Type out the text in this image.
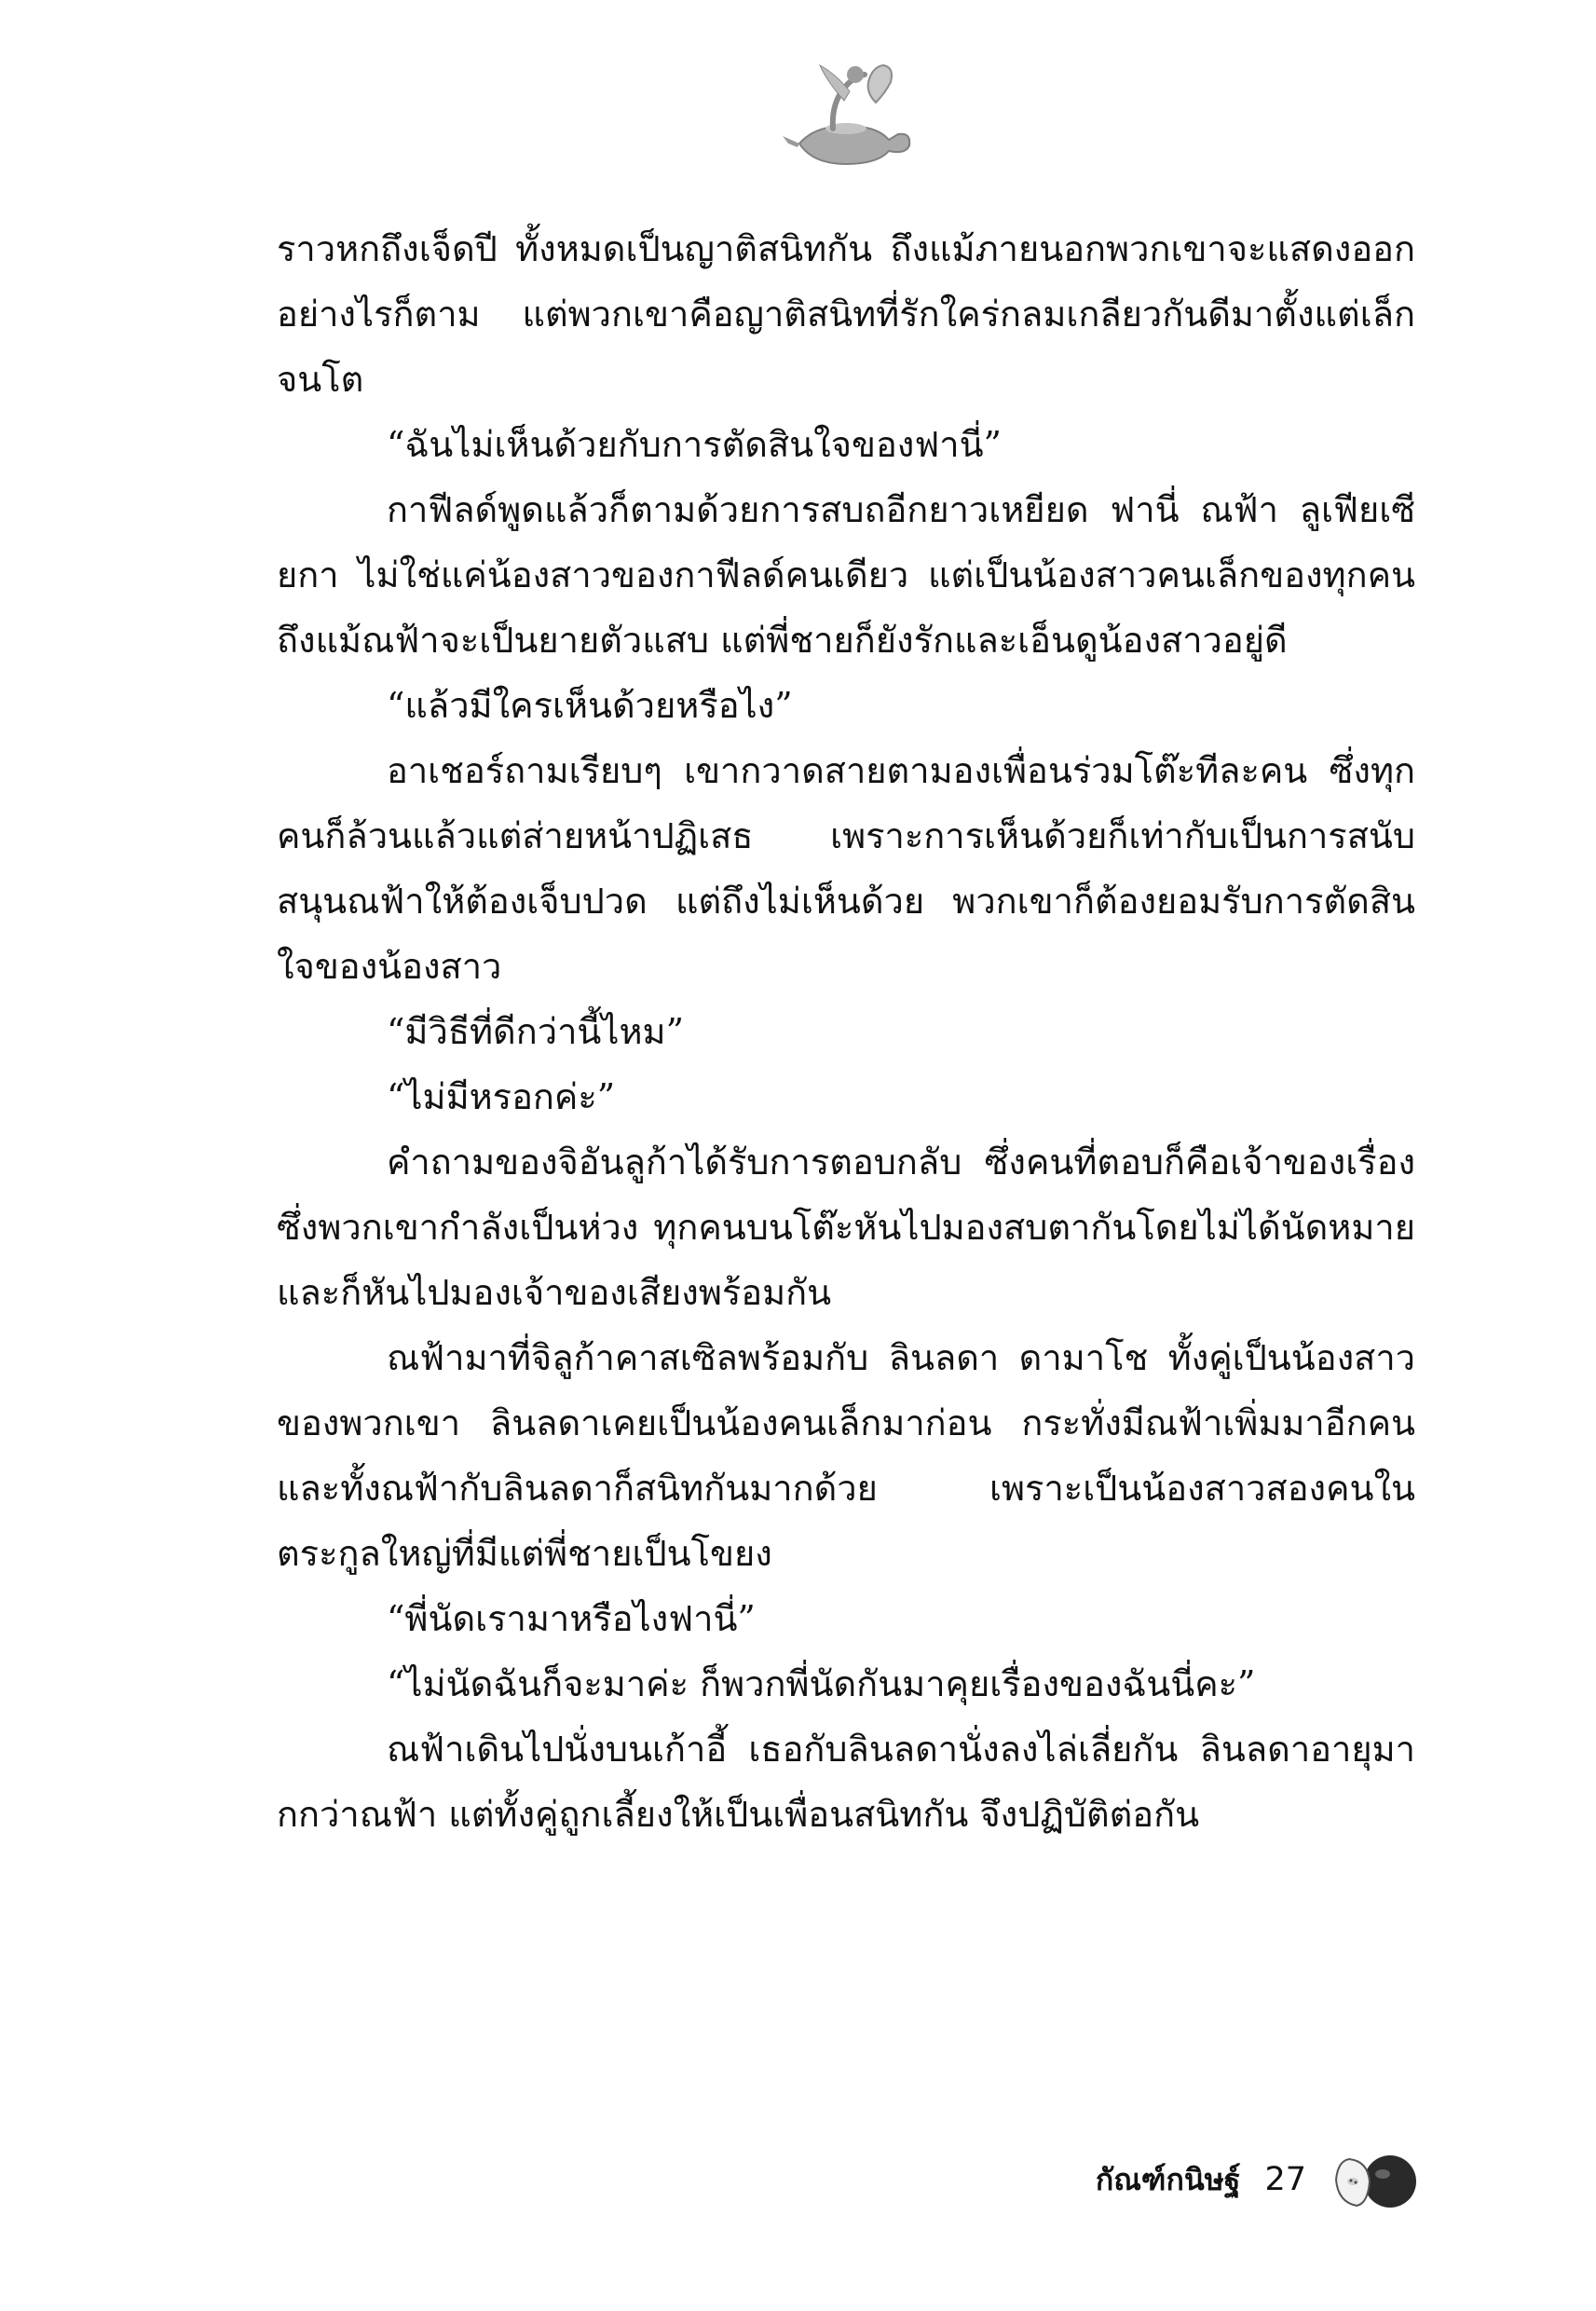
ราวหกถึงเจ็ดปี ทั้งหมดเป็นญาติสนิทกัน ถึงแม้ภายนอกพวกเขาจะแสดงออกอย่างไรก็ตาม แต่พวกเขาคือญาติสนิทที่รักใคร่กลมเกลียวกันดีมาตั้งแต่เล็กจนโต

“ฉันไม่เห็นด้วยกับการตัดสินใจของฟานี่”

กาฟีลด์พูดแล้วก็ตามด้วยการสบถอีกยาวเหยียด ฟานี่ ณฟ้า ลูเฟียเซียกา ไม่ใช่แค่น้องสาวของกาฟีลด์คนเดียว แต่เป็นน้องสาวคนเล็กของทุกคน ถึงแม้ณฟ้าจะเป็นยายตัวแสบ แต่พี่ชายก็ยังรักและเอ็นดูน้องสาวอยู่ดี

“แล้วมีใครเห็นด้วยหรือไง”

อาเชอร์ถามเรียบๆ เขากวาดสายตามองเพื่อนร่วมโต๊ะทีละคน ซึ่งทุกคนก็ล้วนแล้วแต่ส่ายหน้าปฏิเสธ เพราะการเห็นด้วยก็เท่ากับเป็นการสนับสนุนณฟ้าให้ต้องเจ็บปวด แต่ถึงไม่เห็นด้วย พวกเขาก็ต้องยอมรับการตัดสินใจของน้องสาว

“มีวิธีที่ดีกว่านี้ไหม”

“ไม่มีหรอกค่ะ”

คำถามของจิอันลูก้าได้รับการตอบกลับ ซึ่งคนที่ตอบก็คือเจ้าของเรื่องซึ่งพวกเขากำลังเป็นห่วง ทุกคนบนโต๊ะหันไปมองสบตากันโดยไม่ได้นัดหมาย และก็หันไปมองเจ้าของเสียงพร้อมกัน

ณฟ้ามาที่จิลูก้าคาสเซิลพร้อมกับ ลินลดา ดามาโช ทั้งคู่เป็นน้องสาวของพวกเขา ลินลดาเคยเป็นน้องคนเล็กมาก่อน กระทั่งมีณฟ้าเพิ่มมาอีกคน และทั้งณฟ้ากับลินลดาก็สนิทกันมากด้วย เพราะเป็นน้องสาวสองคนในตระกูลใหญ่ที่มีแต่พี่ชายเป็นโขยง

“พี่นัดเรามาหรือไงฟานี่”

“ไม่นัดฉันก็จะมาค่ะ ก็พวกพี่นัดกันมาคุยเรื่องของฉันนี่คะ”

ณฟ้าเดินไปนั่งบนเก้าอี้ เธอกับลินลดานั่งลงไล่เลี่ยกัน ลินลดาอายุมากกว่าณฟ้า แต่ทั้งคู่ถูกเลี้ยงให้เป็นเพื่อนสนิทกัน จึงปฏิบัติต่อกัน

กัณฑ์กนิษฐ์ 27
